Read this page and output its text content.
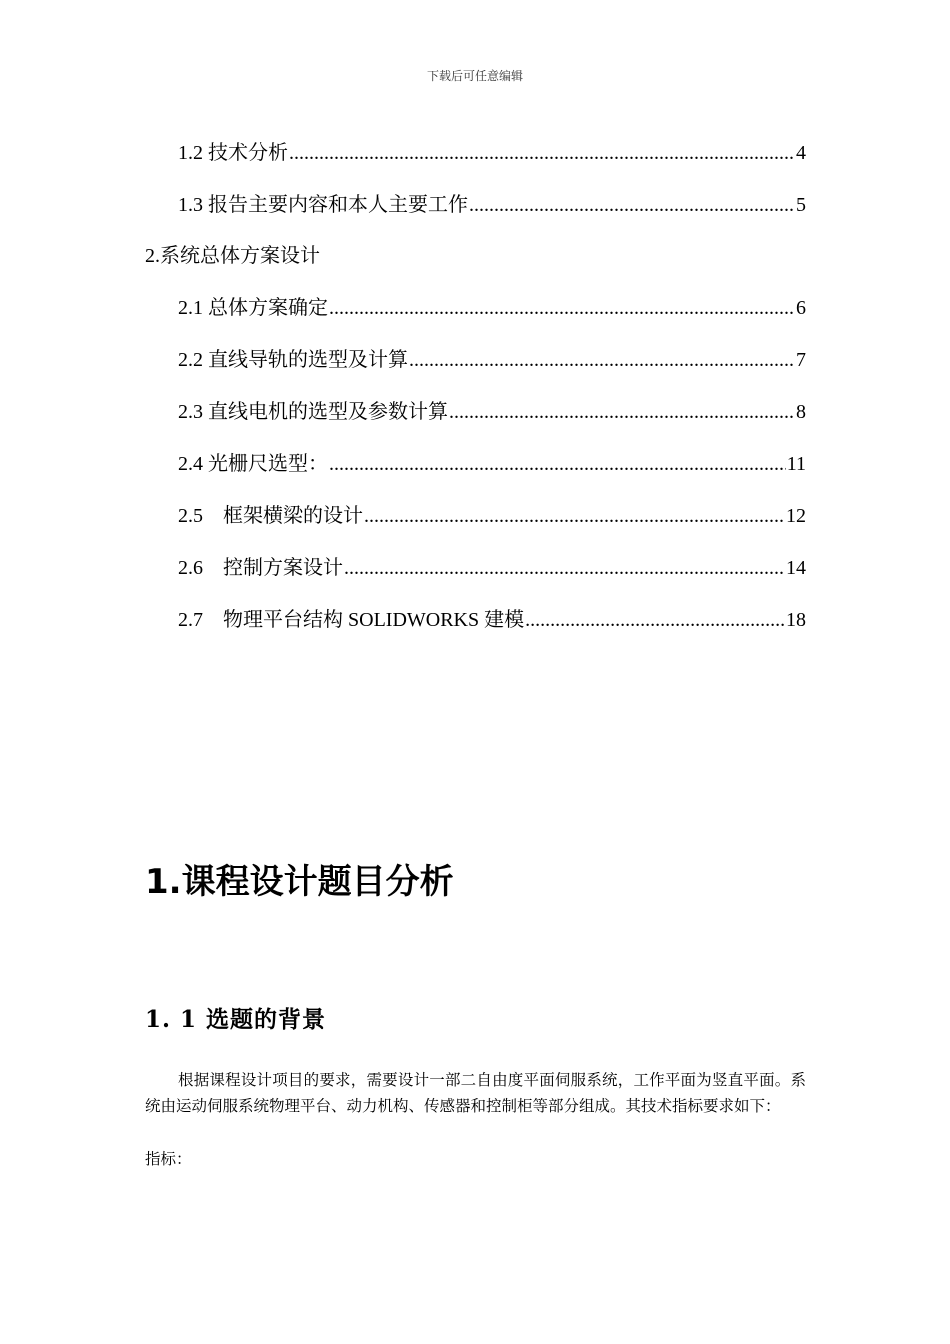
下载后可任意编辑
1.2 技术分析 .....	4
1.3 报告主要内容和本人主要工作 .....	5
2.系统总体方案设计
2.1 总体方案确定 .....	6
2.2 直线导轨的选型及计算 .....	7
2.3 直线电机的选型及参数计算 .....	8
2.4 光栅尺选型： .....	11
2.5　框架横梁的设计 .....	12
2.6　控制方案设计 .....	14
2.7　物理平台结构 SOLIDWORKS 建模 .....	18
1.课程设计题目分析
1. 1 选题的背景
根据课程设计项目的要求，需要设计一部二自由度平面伺服系统，工作平面为竖直平面。系统由运动伺服系统物理平台、动力机构、传感器和控制柜等部分组成。其技术指标要求如下：
指标：
